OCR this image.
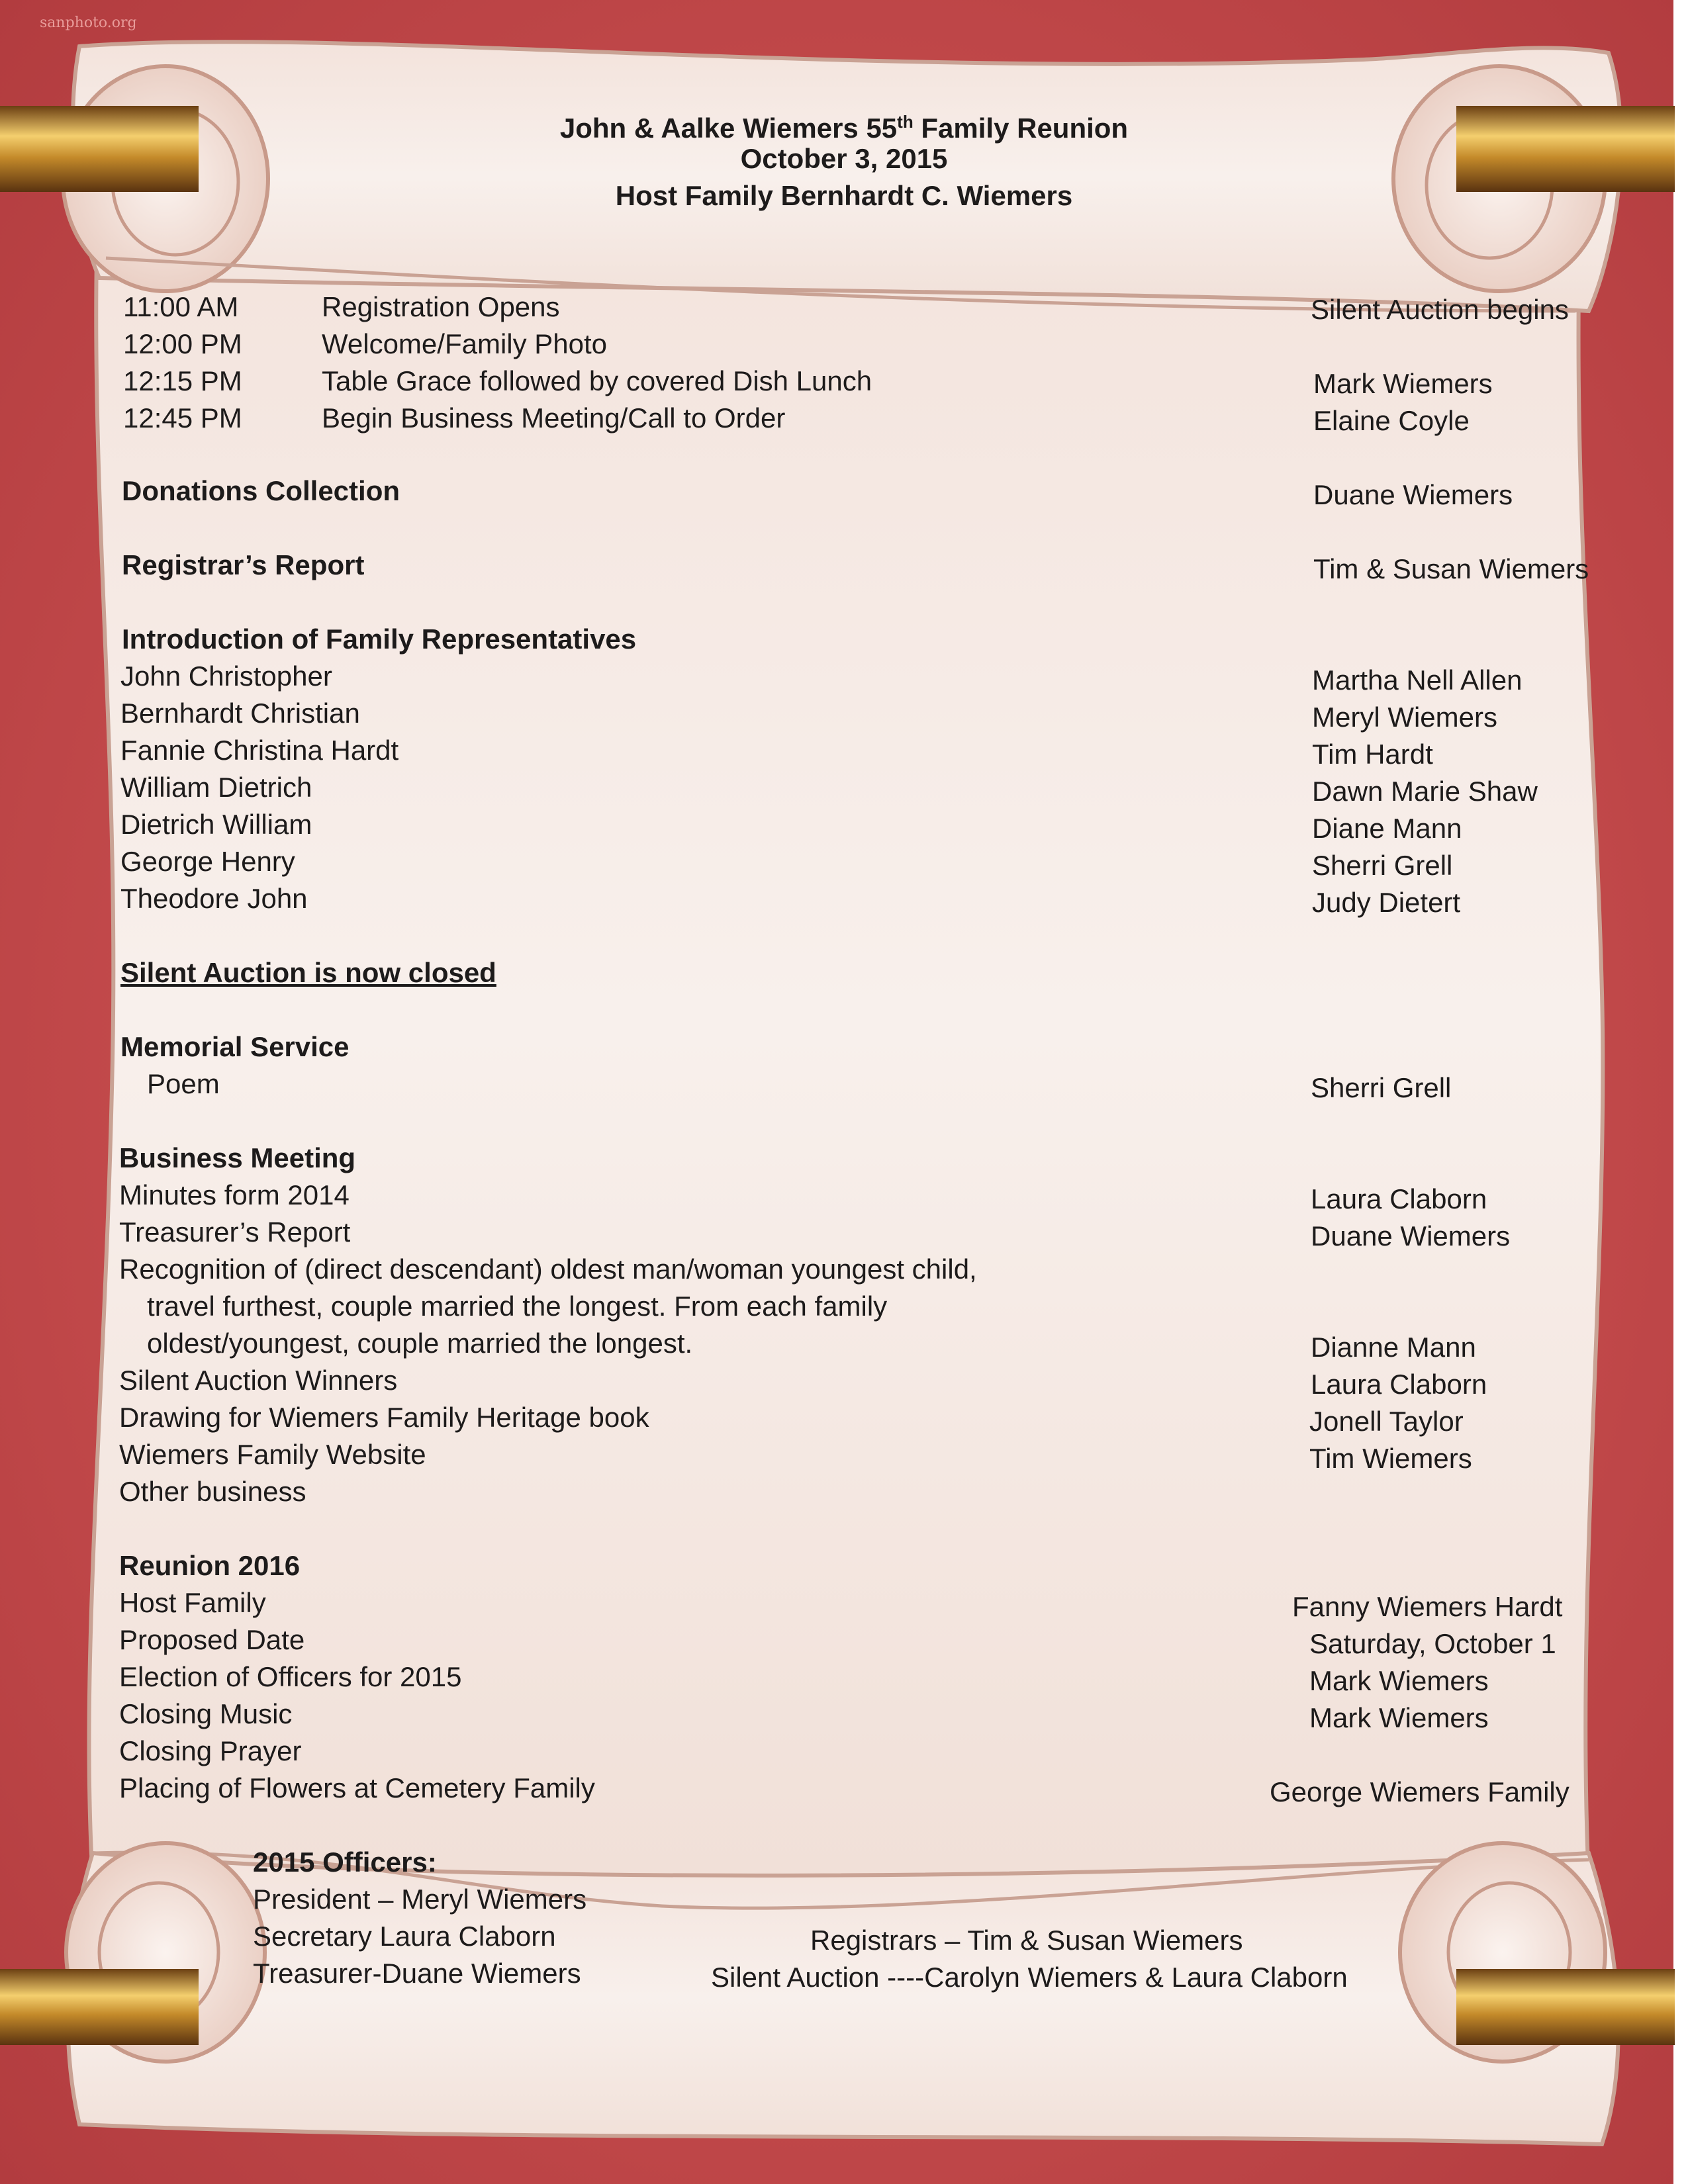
sanphoto.org
John & Aalke Wiemers 55th Family Reunion
October 3, 2015
Host Family Bernhardt C. Wiemers
11:00 AM	Registration Opens	Silent Auction begins
12:00 PM	Welcome/Family Photo
12:15 PM	Table Grace followed by covered Dish Lunch	Mark Wiemers
12:45 PM	Begin Business Meeting/Call to Order	Elaine Coyle
Donations Collection	Duane Wiemers
Registrar’s Report	Tim & Susan Wiemers
Introduction of Family Representatives
John Christopher	Martha Nell Allen
Bernhardt Christian	Meryl Wiemers
Fannie Christina Hardt	Tim Hardt
William Dietrich	Dawn Marie Shaw
Dietrich William	Diane Mann
George Henry	Sherri Grell
Theodore John	Judy Dietert
Silent Auction is now closed
Memorial Service
Poem	Sherri Grell
Business Meeting
Minutes form 2014	Laura Claborn
Treasurer’s Report	Duane Wiemers
Recognition of (direct descendant) oldest man/woman youngest child,
travel furthest, couple married the longest. From each family
oldest/youngest, couple married the longest.	Dianne Mann
Silent Auction Winners	Laura Claborn
Drawing for Wiemers Family Heritage book	Jonell Taylor
Wiemers Family Website	Tim Wiemers
Other business
Reunion 2016
Host Family	Fanny Wiemers Hardt
Proposed Date	Saturday, October 1
Election of Officers for 2015	Mark Wiemers
Closing Music	Mark Wiemers
Closing Prayer
Placing of Flowers at Cemetery Family	George Wiemers Family
2015 Officers:
President – Meryl Wiemers
Secretary Laura Claborn
Treasurer-Duane Wiemers
Registrars – Tim & Susan Wiemers
Silent Auction ----Carolyn Wiemers & Laura Claborn
